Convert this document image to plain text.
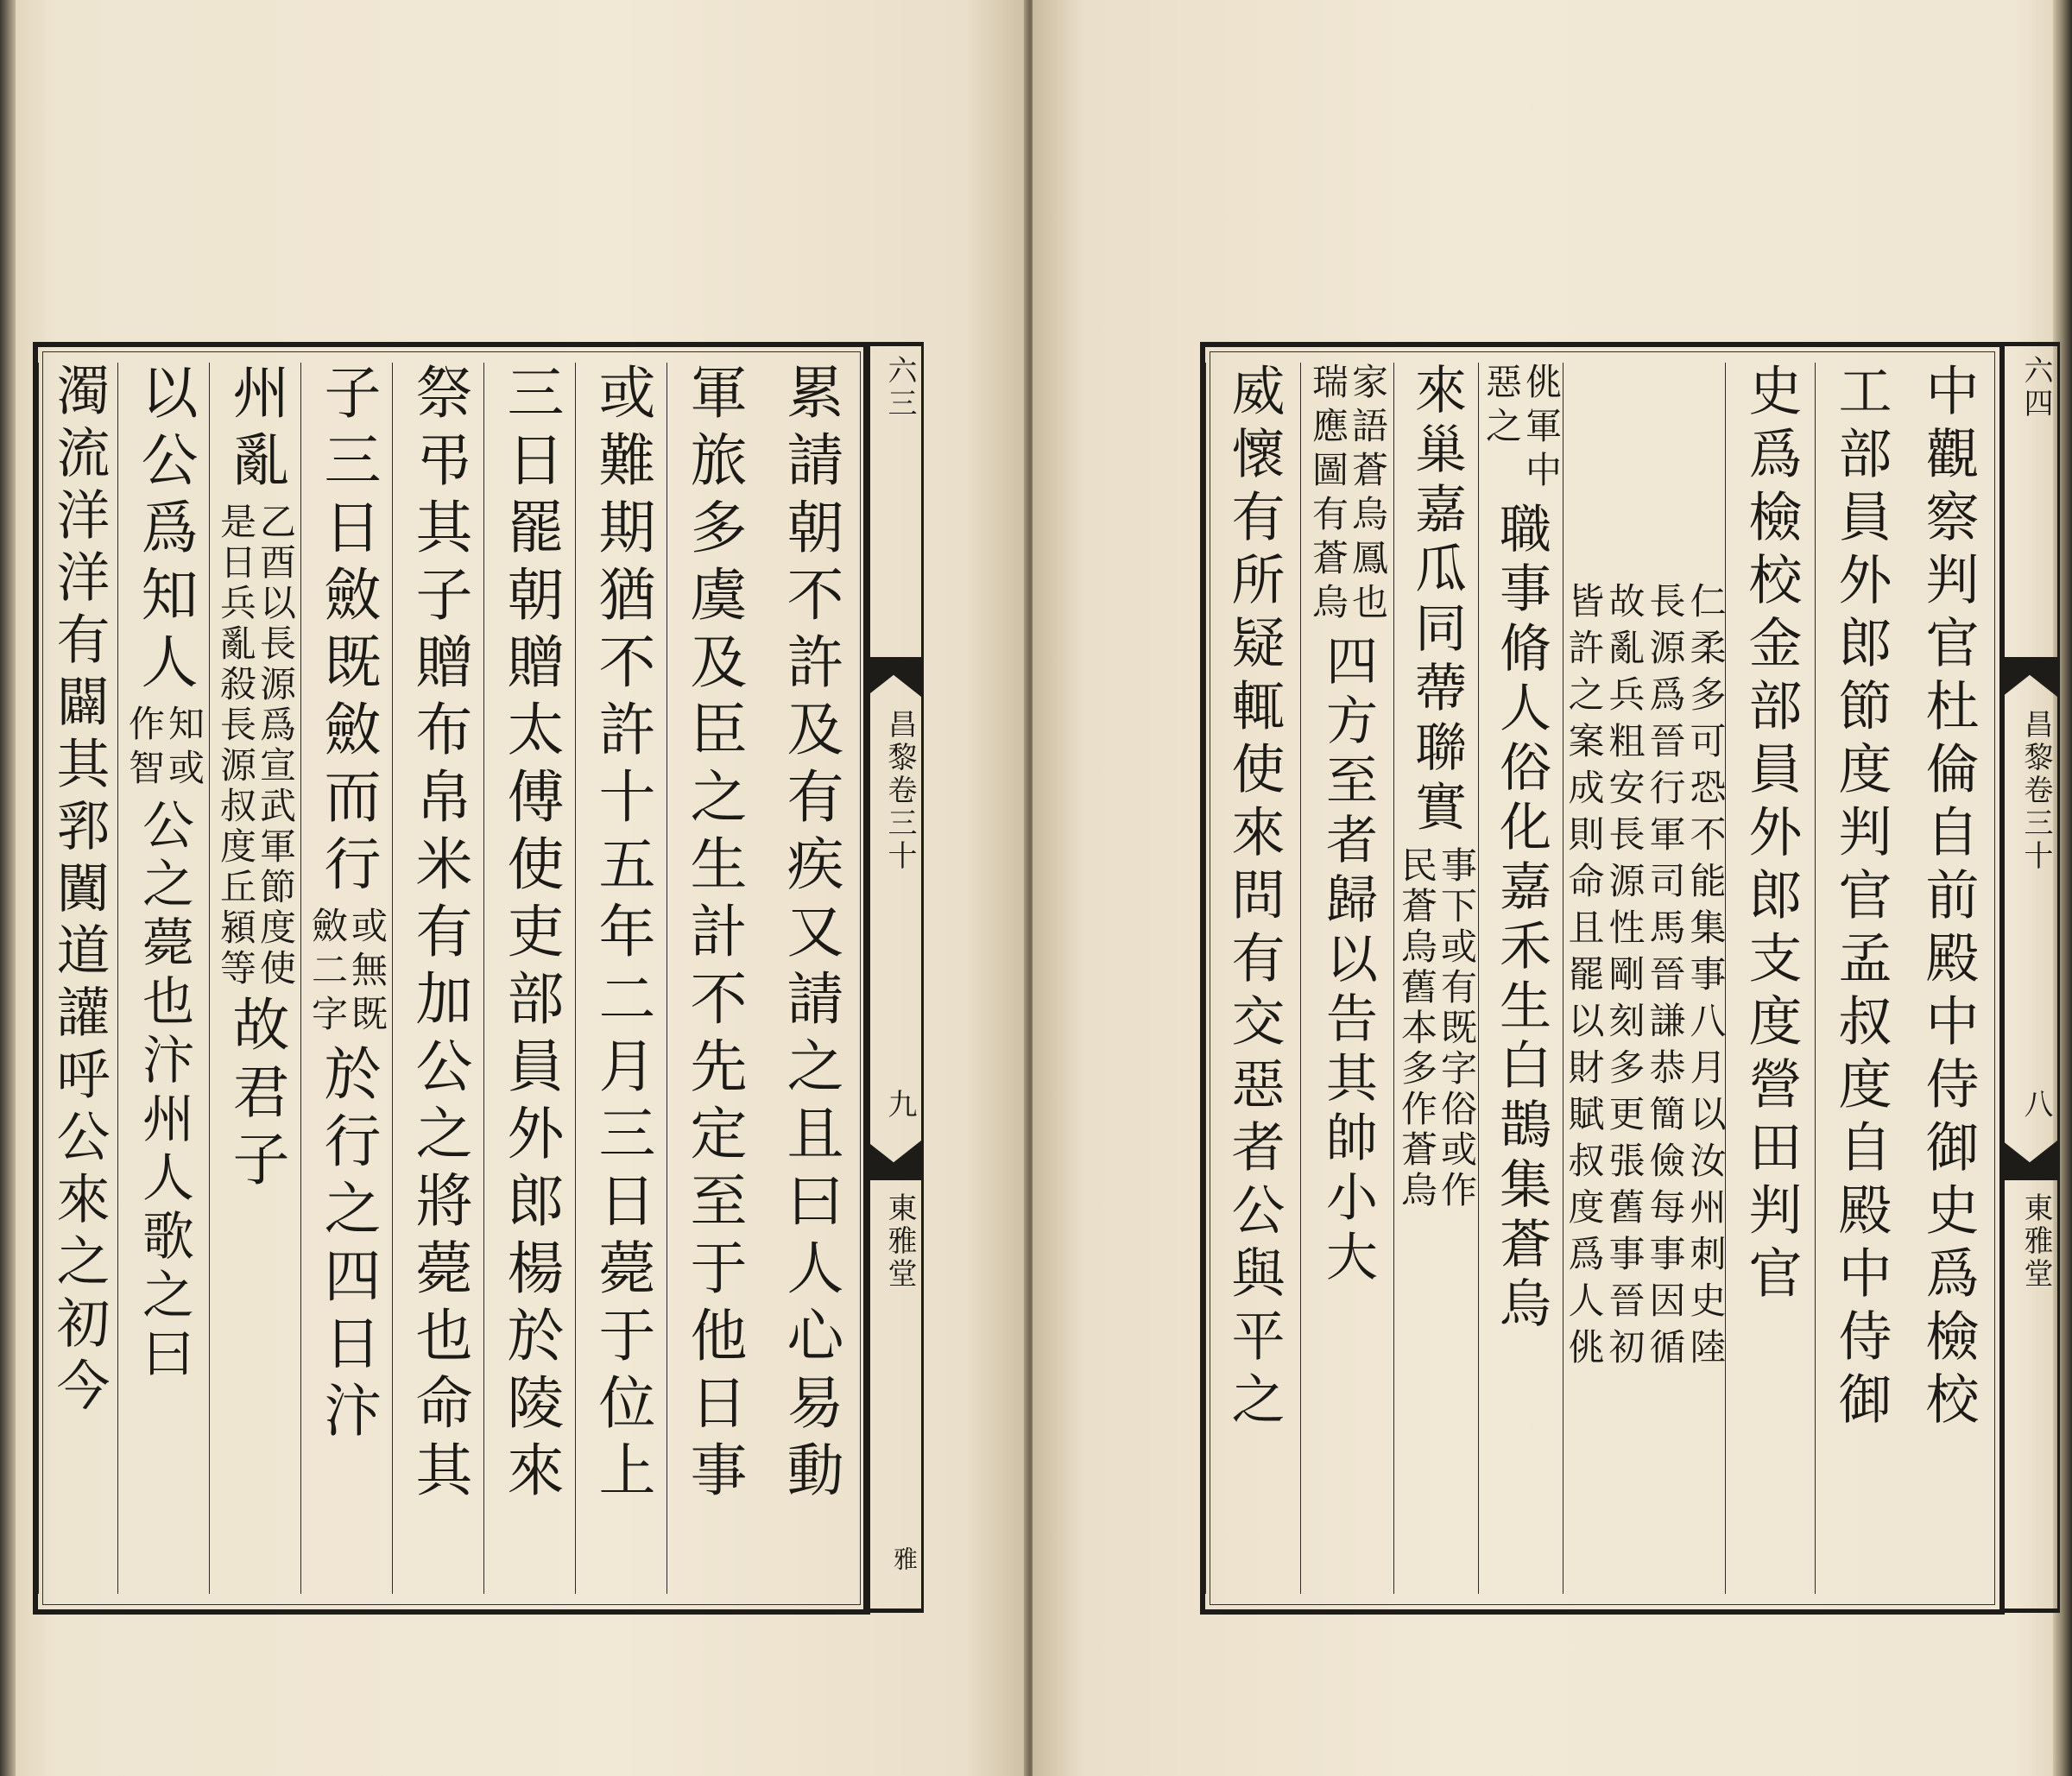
累請朝不許及有疾又請之且曰人心易動
軍旅多虞及臣之生計不先定至于他日事
或難期猶不許十五年二月三日薨于位上
三日罷朝贈太傅使吏部員外郎楊於陵來
祭弔其子贈布帛米有加公之將薨也命其
子三日斂既斂而行
或無既
斂二字
於行之四日汴
州亂
乙酉以長源爲宣武軍節度使
是日兵亂殺長源叔度丘潁等
故君子
以公爲知人
知或
作智
公之薨也汴州人歌之曰
濁流洋洋有闢其郛闐道讙呼公來之初今	六三
昌黎卷三十
九
東雅堂
雅
中觀察判官杜倫自前殿中侍御史爲檢校
工部員外郎節度判官孟叔度自殿中侍御
史爲檢校金部員外郎支度營田判官
仁柔多可恐不能集事八月以汝州刺史陸
長源爲晉行軍司馬晉謙恭簡儉每事因循
故亂兵粗安長源性剛刻多更張舊事晉初
皆許之案成則命且罷以財賦叔度爲人佻
佻軍中
惡之
職事脩人俗化嘉禾生白鵲集蒼烏
來巢嘉瓜同蔕聯實
事下或有既字俗或作
民蒼烏舊本多作蒼烏
家語蒼烏鳳也
瑞應圖有蒼烏
四方至者歸以告其帥小大
威懷有所疑輒使來問有交惡者公與平之	六四
昌黎卷三十
八
東雅堂
